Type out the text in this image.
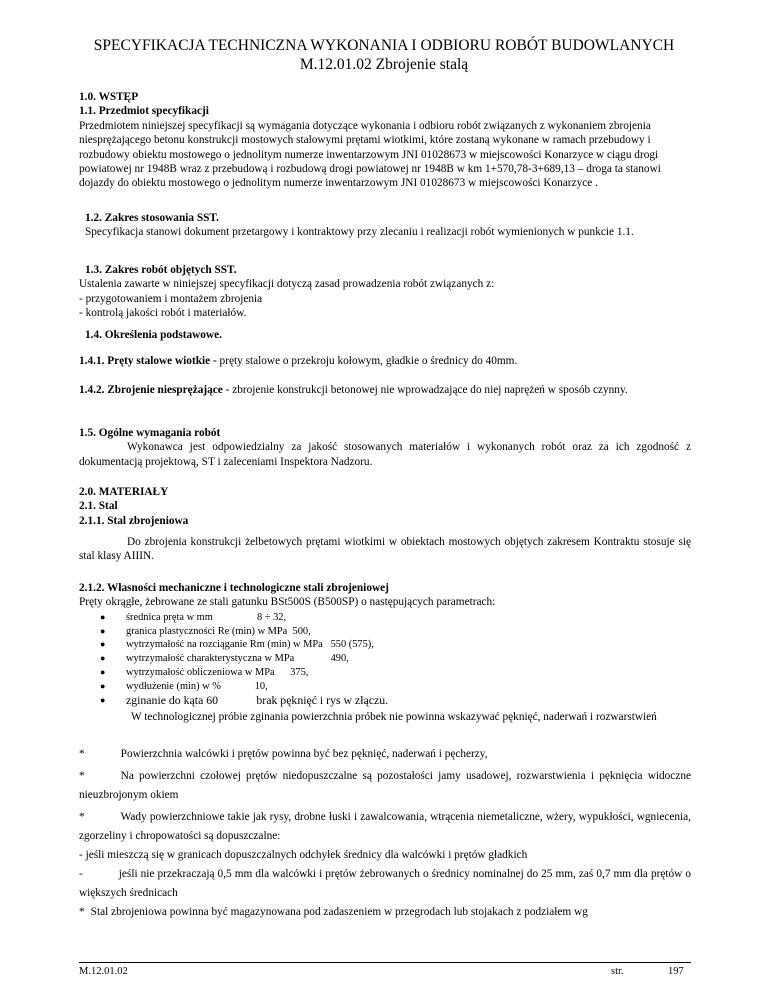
SPECYFIKACJA TECHNICZNA WYKONANIA I ODBIORU ROBÓT BUDOWLANYCH
M.12.01.02 Zbrojenie stalą

1.0. WSTĘP

1.1. Przedmiot specyfikacji

Przedmiotem niniejszej specyfikacji są wymagania dotyczące wykonania i odbioru robót związanych z wykonaniem zbrojenia niesprężającego betonu konstrukcji mostowych stalowymi prętami wiotkimi, które zostaną wykonane w ramach przebudowy i rozbudowy obiektu mostowego o jednolitym numerze inwentarzowym JNI 01028673 w miejscowości Konarzyce w ciągu drogi powiatowej nr 1948B wraz z przebudową i rozbudową drogi powiatowej nr 1948B w km 1+570,78-3+689,13 – droga ta stanowi dojazdy do obiektu mostowego o jednolitym numerze inwentarzowym JNI 01028673 w miejscowości Konarzyce .

1.2. Zakres stosowania SST.

Specyfikacja stanowi dokument przetargowy i kontraktowy przy zlecaniu i realizacji robót wymienionych w punkcie 1.1.

1.3. Zakres robót objętych SST.

Ustalenia zawarte w niniejszej specyfikacji dotyczą zasad prowadzenia robót związanych z:

- przygotowaniem i montażem zbrojenia

- kontrolą jakości robót i materiałów.

1.4. Określenia podstawowe.

1.4.1. Pręty stalowe wiotkie - pręty stalowe o przekroju kołowym, gładkie o średnicy do 40mm.

1.4.2. Zbrojenie niesprężające - zbrojenie konstrukcji betonowej nie wprowadzające do niej naprężeń w sposób czynny.

1.5. Ogólne wymagania robót

Wykonawca jest odpowiedzialny za jakość stosowanych materiałów i wykonanych robót oraz za ich zgodność z dokumentacją projektową, ST i zaleceniami Inspektora Nadzoru.

2.0. MATERIAŁY

2.1. Stal

2.1.1. Stal zbrojeniowa

Do zbrojenia konstrukcji żelbetowych prętami wiotkimi w obiektach mostowych objętych zakresem Kontraktu stosuje się stal klasy AIIIN.

2.1.2. Własności mechaniczne i technologiczne stali zbrojeniowej

Pręty okrągłe, żebrowane ze stali gatunku BSt500S (B500SP) o następujących parametrach:

● średnica pręta w mm                 8 ÷ 32,
● granica plastyczności Re (min) w MPa  500,
● wytrzymałość na rozciąganie Rm (min) w MPa   550 (575),
● wytrzymałość charakterystyczna w MPa              490,
● wytrzymałość obliczeniowa w MPa      375,
● wydłużenie (min) w %             10,
● zginanie do kąta 60             brak pęknięć i rys w złączu.

W technologicznej próbie zginania powierzchnia próbek nie powinna wskazywać pęknięć, naderwań i rozwarstwień

*	Powierzchnia walcówki i prętów powinna być bez pęknięć, naderwań i pęcherzy,

*	Na powierzchni czołowej prętów niedopuszczalne są pozostałości jamy usadowej, rozwarstwienia i pęknięcia widoczne nieuzbrojonym okiem

*	Wady powierzchniowe takie jak rysy, drobne łuski i zawalcowania, wtrącenia niemetaliczne, wżery, wypukłości, wgniecenia, zgorzeliny i chropowatości są dopuszczalne:

- jeśli mieszczą się w granicach dopuszczalnych odchyłek średnicy dla walcówki i prętów gładkich

-	jeśli nie przekraczają 0,5 mm dla walcówki i prętów żebrowanych o średnicy nominalnej do 25 mm, zaś 0,7 mm dla prętów o większych średnicach

* Stal zbrojeniowa powinna być magazynowana pod zadaszeniem w przegrodach lub stojakach z podziałem wg

M.12.01.02	str.	197
